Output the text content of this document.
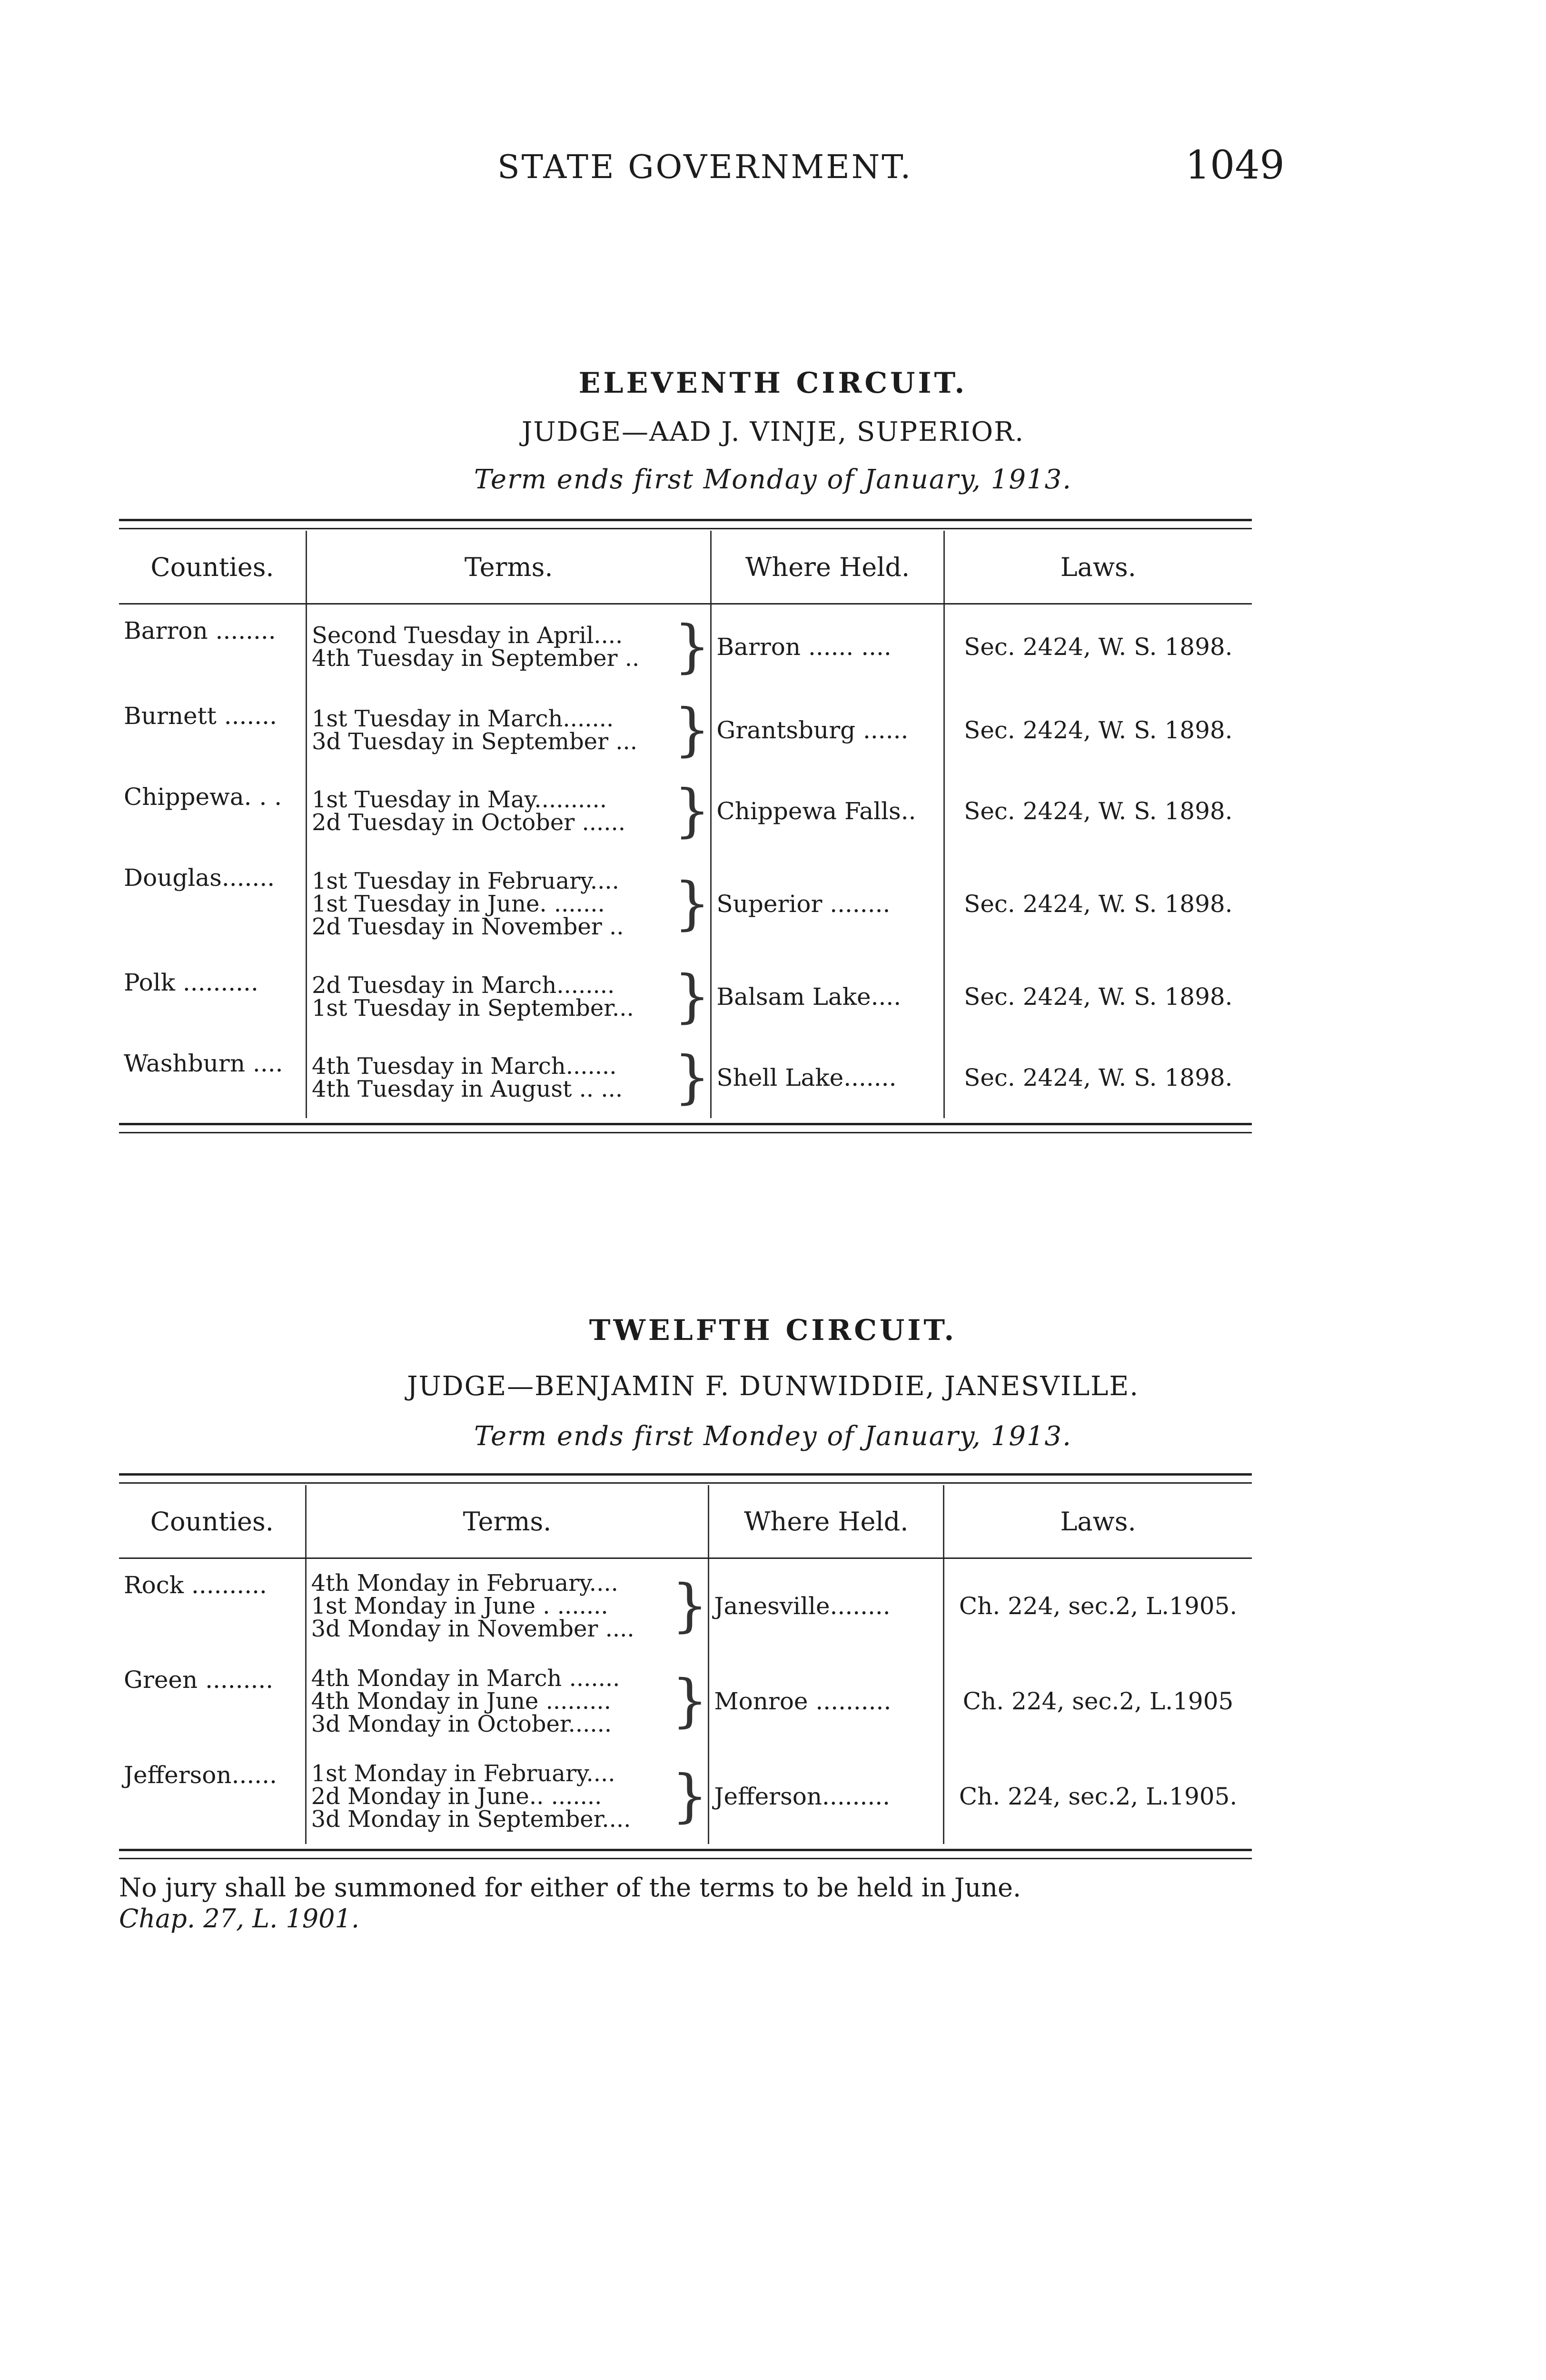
STATE GOVERNMENT.	1049
ELEVENTH CIRCUIT.
JUDGE—AAD J. VINJE, SUPERIOR.
Term ends first Monday of January, 1913.
Counties.	Terms.		Where Held.	Laws.
Barron ........	Second Tuesday in April....
4th Tuesday in September ..	}	Barron ...... ....	Sec. 2424, W. S. 1898.
Burnett .......	1st Tuesday in March.......
3d Tuesday in September ...	}	Grantsburg ......	Sec. 2424, W. S. 1898.
Chippewa. . .	1st Tuesday in May..........
2d Tuesday in October ......	}	Chippewa Falls..	Sec. 2424, W. S. 1898.
Douglas.......	1st Tuesday in February....
1st Tuesday in June. .......
2d Tuesday in November ..	}	Superior ........	Sec. 2424, W. S. 1898.
Polk ..........	2d Tuesday in March........
1st Tuesday in September...	}	Balsam Lake....	Sec. 2424, W. S. 1898.
Washburn ....	4th Tuesday in March.......
4th Tuesday in August .. ...	}	Shell Lake.......	Sec. 2424, W. S. 1898.
TWELFTH CIRCUIT.
JUDGE—BENJAMIN F. DUNWIDDIE, JANESVILLE.
Term ends first Mondey of January, 1913.
Counties.	Terms.		Where Held.	Laws.
Rock ..........	4th Monday in February....
1st Monday in June . .......
3d Monday in November ....	}	Janesville........	Ch. 224, sec.2, L.1905.
Green .........	4th Monday in March .......
4th Monday in June .........
3d Monday in October......	}	Monroe ..........	Ch. 224, sec.2, L.1905
Jefferson......	1st Monday in February....
2d Monday in June.. .......
3d Monday in September....	}	Jefferson.........	Ch. 224, sec.2, L.1905.
No jury shall be summoned for either of the terms to be held in June.
Chap. 27, L. 1901.
